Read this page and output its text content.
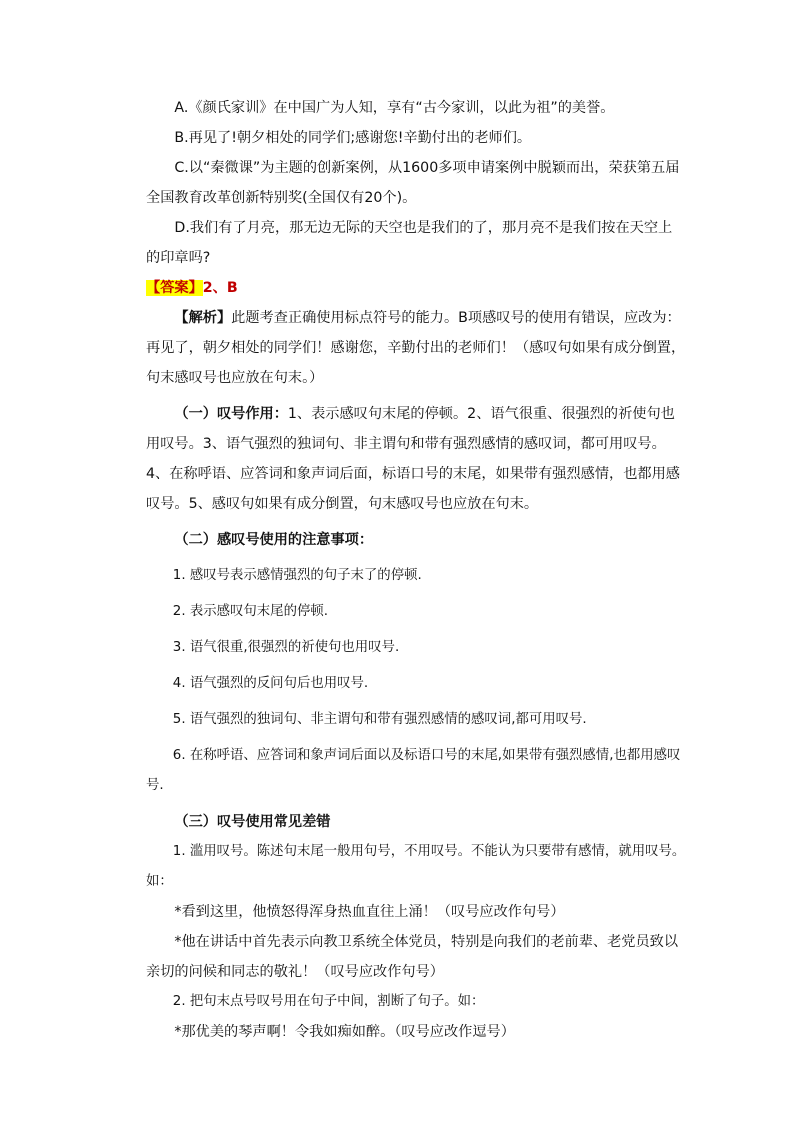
A.《颜氏家训》在中国广为人知，享有“古今家训，以此为祖”的美誉。

B.再见了!朝夕相处的同学们;感谢您!辛勤付出的老师们。

C.以“秦微课”为主题的创新案例，从1600多项申请案例中脱颖而出，荣获第五届全国教育改革创新特别奖(全国仅有20个)。

D.我们有了月亮，那无边无际的天空也是我们的了，那月亮不是我们按在天空上的印章吗?

【答案】2、B

【解析】此题考查正确使用标点符号的能力。B项感叹号的使用有错误，应改为：再见了，朝夕相处的同学们！感谢您，辛勤付出的老师们！（感叹句如果有成分倒置，句末感叹号也应放在句末。）

（一）叹号作用：1、表示感叹句末尾的停顿。2、语气很重、很强烈的祈使句也用叹号。3、语气强烈的独词句、非主谓句和带有强烈感情的感叹词，都可用叹号。4、在称呼语、应答词和象声词后面，标语口号的末尾，如果带有强烈感情，也都用感叹号。5、感叹句如果有成分倒置，句末感叹号也应放在句末。

（二）感叹号使用的注意事项：

1. 感叹号表示感情强烈的句子末了的停顿.

2. 表示感叹句末尾的停顿.

3. 语气很重,很强烈的祈使句也用叹号.

4. 语气强烈的反问句后也用叹号.

5. 语气强烈的独词句、非主谓句和带有强烈感情的感叹词,都可用叹号.

6. 在称呼语、应答词和象声词后面以及标语口号的末尾,如果带有强烈感情,也都用感叹号.

（三）叹号使用常见差错

1. 滥用叹号。陈述句末尾一般用句号，不用叹号。不能认为只要带有感情，就用叹号。如：

*看到这里，他愤怒得浑身热血直往上涌！（叹号应改作句号）

*他在讲话中首先表示向教卫系统全体党员，特别是向我们的老前辈、老党员致以亲切的问候和同志的敬礼！（叹号应改作句号）

2. 把句末点号叹号用在句子中间，割断了句子。如：

*那优美的琴声啊！令我如痴如醉。（叹号应改作逗号）
